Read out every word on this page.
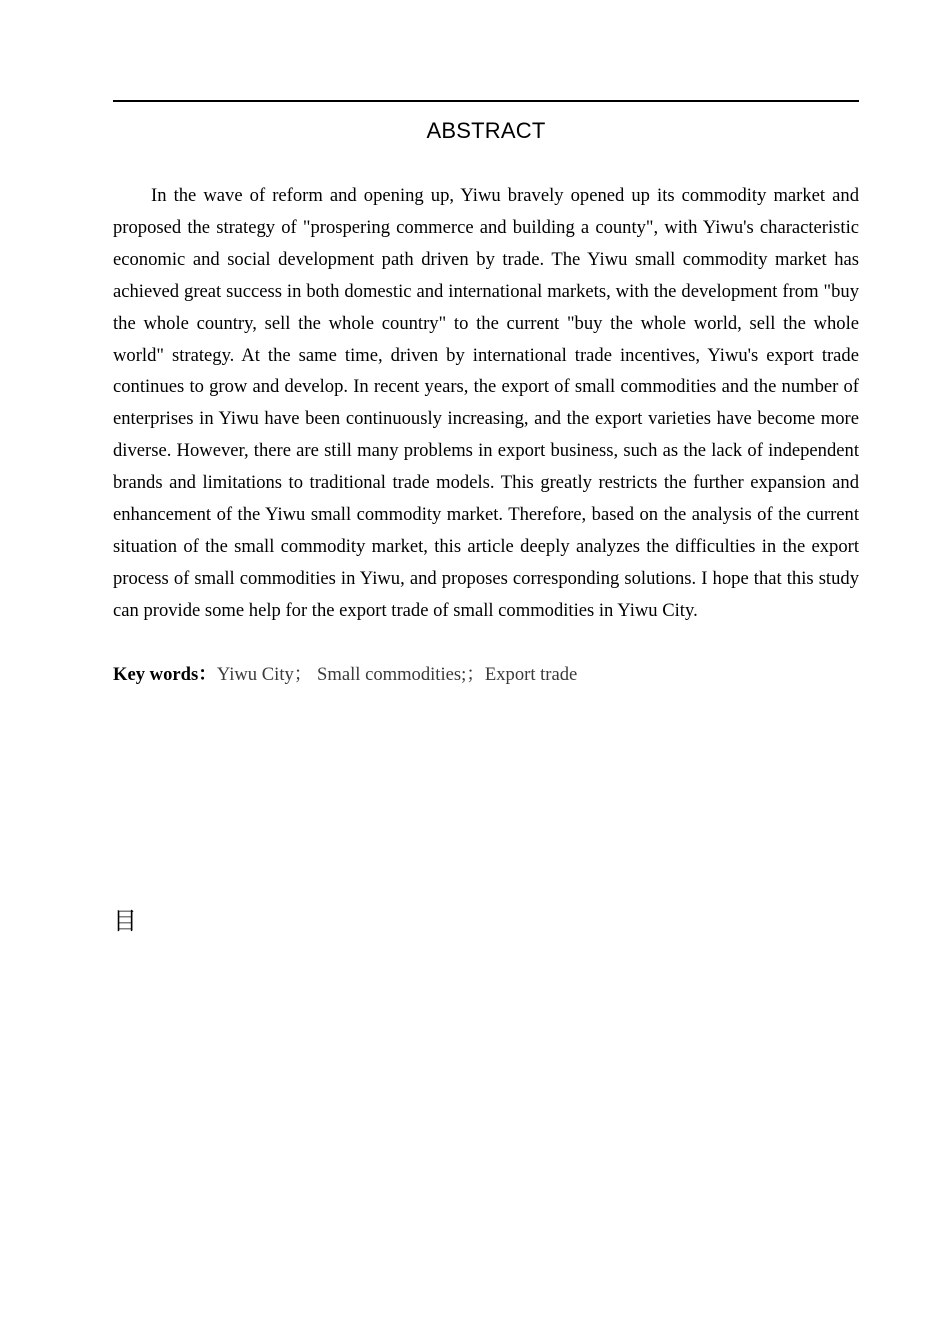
ABSTRACT

In the wave of reform and opening up, Yiwu bravely opened up its commodity market and proposed the strategy of "prospering commerce and building a county", with Yiwu's characteristic economic and social development path driven by trade. The Yiwu small commodity market has achieved great success in both domestic and international markets, with the development from "buy the whole country, sell the whole country" to the current "buy the whole world, sell the whole world" strategy. At the same time, driven by international trade incentives, Yiwu's export trade continues to grow and develop. In recent years, the export of small commodities and the number of enterprises in Yiwu have been continuously increasing, and the export varieties have become more diverse. However, there are still many problems in export business, such as the lack of independent brands and limitations to traditional trade models. This greatly restricts the further expansion and enhancement of the Yiwu small commodity market. Therefore, based on the analysis of the current situation of the small commodity market, this article deeply analyzes the difficulties in the export process of small commodities in Yiwu, and proposes corresponding solutions. I hope that this study can provide some help for the export trade of small commodities in Yiwu City.

Key words：Yiwu City； Small commodities;；Export trade
目
